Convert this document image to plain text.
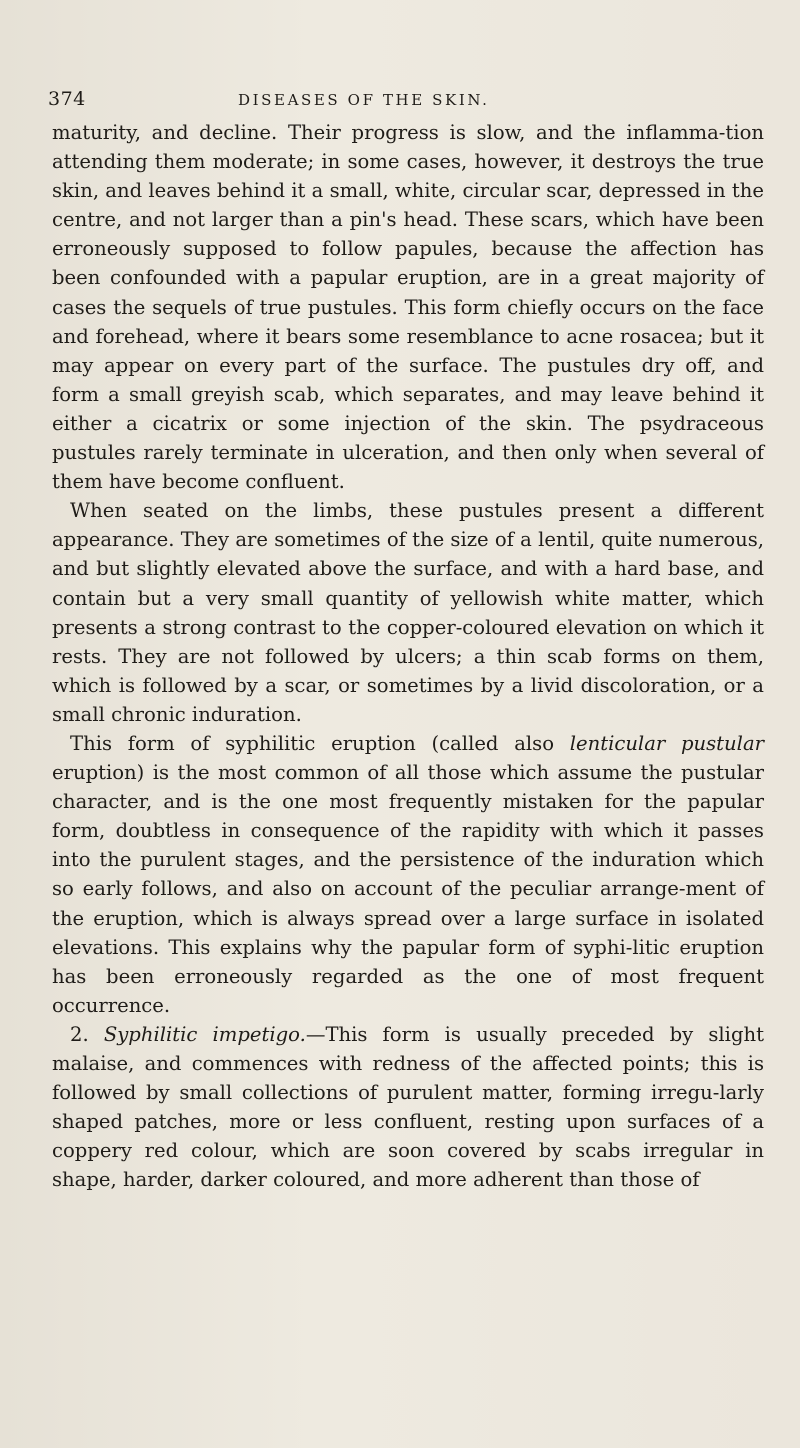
374	DISEASES OF THE SKIN.

maturity, and decline. Their progress is slow, and the inflamma-tion attending them moderate; in some cases, however, it destroys the true skin, and leaves behind it a small, white, circular scar, depressed in the centre, and not larger than a pin's head. These scars, which have been erroneously supposed to follow papules, because the affection has been confounded with a papular eruption, are in a great majority of cases the sequels of true pustules. This form chiefly occurs on the face and forehead, where it bears some resemblance to acne rosacea; but it may appear on every part of the surface. The pustules dry off, and form a small greyish scab, which separates, and may leave behind it either a cicatrix or some injection of the skin. The psydraceous pustules rarely terminate in ulceration, and then only when several of them have become confluent.

When seated on the limbs, these pustules present a different appearance. They are sometimes of the size of a lentil, quite numerous, and but slightly elevated above the surface, and with a hard base, and contain but a very small quantity of yellowish white matter, which presents a strong contrast to the copper-coloured elevation on which it rests. They are not followed by ulcers; a thin scab forms on them, which is followed by a scar, or sometimes by a livid discoloration, or a small chronic induration.

This form of syphilitic eruption (called also lenticular pustular eruption) is the most common of all those which assume the pustular character, and is the one most frequently mistaken for the papular form, doubtless in consequence of the rapidity with which it passes into the purulent stages, and the persistence of the induration which so early follows, and also on account of the peculiar arrange-ment of the eruption, which is always spread over a large surface in isolated elevations. This explains why the papular form of syphi-litic eruption has been erroneously regarded as the one of most frequent occurrence.

2. Syphilitic impetigo.—This form is usually preceded by slight malaise, and commences with redness of the affected points; this is followed by small collections of purulent matter, forming irregu-larly shaped patches, more or less confluent, resting upon surfaces of a coppery red colour, which are soon covered by scabs irregular in shape, harder, darker coloured, and more adherent than those of
